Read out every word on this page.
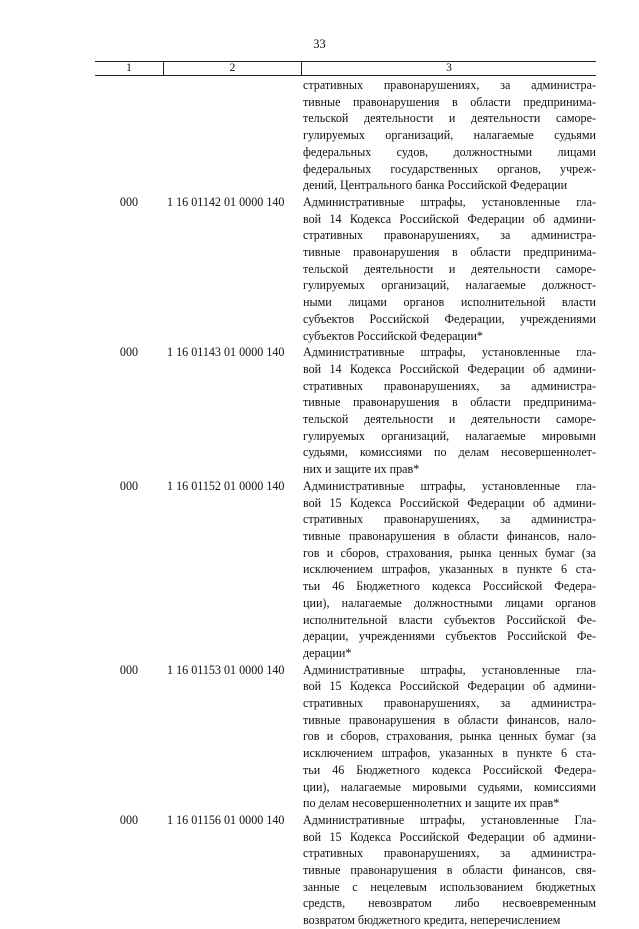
33
1	2	3
стративных правонарушениях, за администра-
тивные правонарушения в области предпринима-
тельской деятельности и деятельности саморе-
гулируемых организаций, налагаемые судьями
федеральных судов, должностными лицами
федеральных государственных органов, учреж-
дений, Центрального банка Российской Федерации
000	1 16 01142 01 0000 140	Административные штрафы, установленные гла-
вой 14 Кодекса Российской Федерации об админи-
стративных правонарушениях, за администра-
тивные правонарушения в области предпринима-
тельской деятельности и деятельности саморе-
гулируемых организаций, налагаемые должност-
ными лицами органов исполнительной власти
субъектов Российской Федерации, учреждениями
субъектов Российской Федерации*
000	1 16 01143 01 0000 140	Административные штрафы, установленные гла-
вой 14 Кодекса Российской Федерации об админи-
стративных правонарушениях, за администра-
тивные правонарушения в области предпринима-
тельской деятельности и деятельности саморе-
гулируемых организаций, налагаемые мировыми
судьями, комиссиями по делам несовершеннолет-
них и защите их прав*
000	1 16 01152 01 0000 140	Административные штрафы, установленные гла-
вой 15 Кодекса Российской Федерации об админи-
стративных правонарушениях, за администра-
тивные правонарушения в области финансов, нало-
гов и сборов, страхования, рынка ценных бумаг (за
исключением штрафов, указанных в пункте 6 ста-
тьи 46 Бюджетного кодекса Российской Федера-
ции), налагаемые должностными лицами органов
исполнительной власти субъектов Российской Фе-
дерации, учреждениями субъектов Российской Фе-
дерации*
000	1 16 01153 01 0000 140	Административные штрафы, установленные гла-
вой 15 Кодекса Российской Федерации об админи-
стративных правонарушениях, за администра-
тивные правонарушения в области финансов, нало-
гов и сборов, страхования, рынка ценных бумаг (за
исключением штрафов, указанных в пункте 6 ста-
тьи 46 Бюджетного кодекса Российской Федера-
ции), налагаемые мировыми судьями, комиссиями
по делам несовершеннолетних и защите их прав*
000	1 16 01156 01 0000 140	Административные штрафы, установленные Гла-
вой 15 Кодекса Российской Федерации об админи-
стративных правонарушениях, за администра-
тивные правонарушения в области финансов, свя-
занные с нецелевым использованием бюджетных
средств, невозвратом либо несвоевременным
возвратом бюджетного кредита, неперечислением
